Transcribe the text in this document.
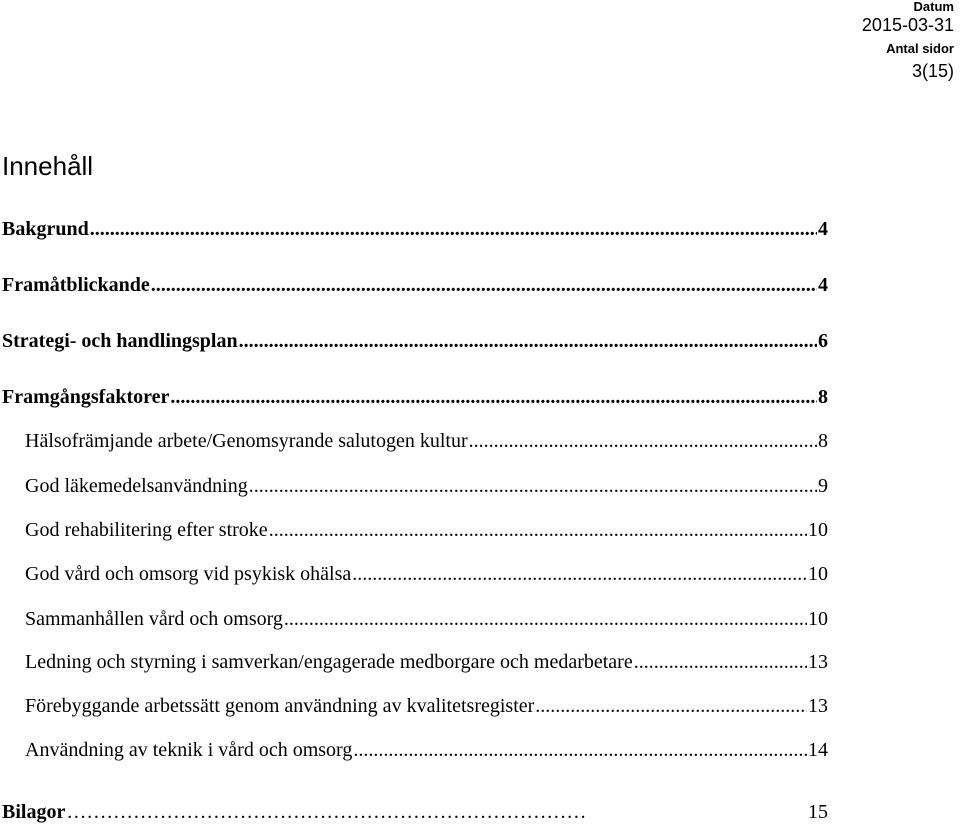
Datum
2015-03-31
Antal sidor
3(15)
Innehåll
Bakgrund .....	4
Framåtblickande .....	4
Strategi- och handlingsplan .....	6
Framgångsfaktorer .....	8
Hälsofrämjande arbete/Genomsyrande salutogen kultur .....	8
God läkemedelsanvändning .....	9
God rehabilitering efter stroke .....	10
God vård och omsorg vid psykisk ohälsa .....	10
Sammanhållen vård och omsorg .....	10
Ledning och styrning i samverkan/engagerade medborgare och medarbetare .....	13
Förebyggande arbetssätt genom användning av kvalitetsregister .....	13
Användning av teknik i vård och omsorg .....	14
Bilagor ……………………………………………………………………	15
